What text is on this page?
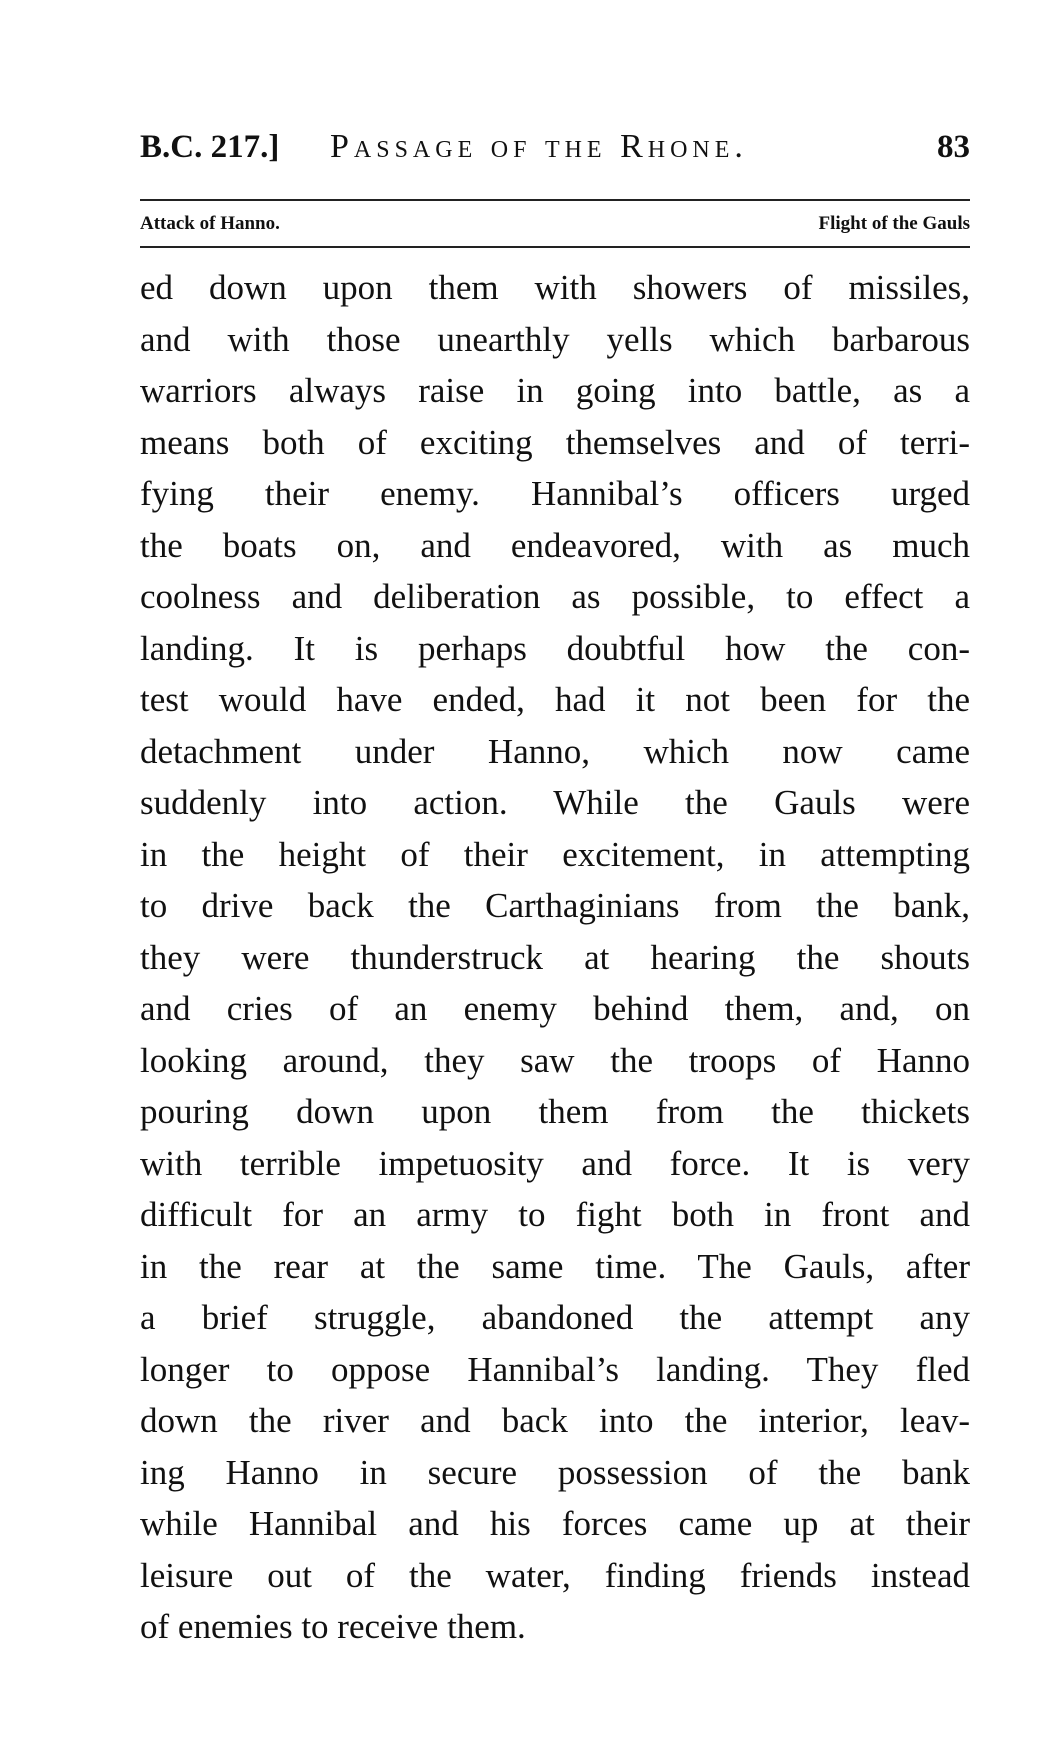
B.C. 217.] Passage of the Rhone.	83
Attack of Hanno.	Flight of the Gauls
ed down upon them with showers of missiles,
and with those unearthly yells which barbarous
warriors always raise in going into battle, as a
means both of exciting themselves and of terri-
fying their enemy. Hannibal’s officers urged
the boats on, and endeavored, with as much
coolness and deliberation as possible, to effect a
landing. It is perhaps doubtful how the con-
test would have ended, had it not been for the
detachment under Hanno, which now came
suddenly into action. While the Gauls were
in the height of their excitement, in attempting
to drive back the Carthaginians from the bank,
they were thunderstruck at hearing the shouts
and cries of an enemy behind them, and, on
looking around, they saw the troops of Hanno
pouring down upon them from the thickets
with terrible impetuosity and force. It is very
difficult for an army to fight both in front and
in the rear at the same time. The Gauls, after
a brief struggle, abandoned the attempt any
longer to oppose Hannibal’s landing. They fled
down the river and back into the interior, leav-
ing Hanno in secure possession of the bank
while Hannibal and his forces came up at their
leisure out of the water, finding friends instead
of enemies to receive them.
